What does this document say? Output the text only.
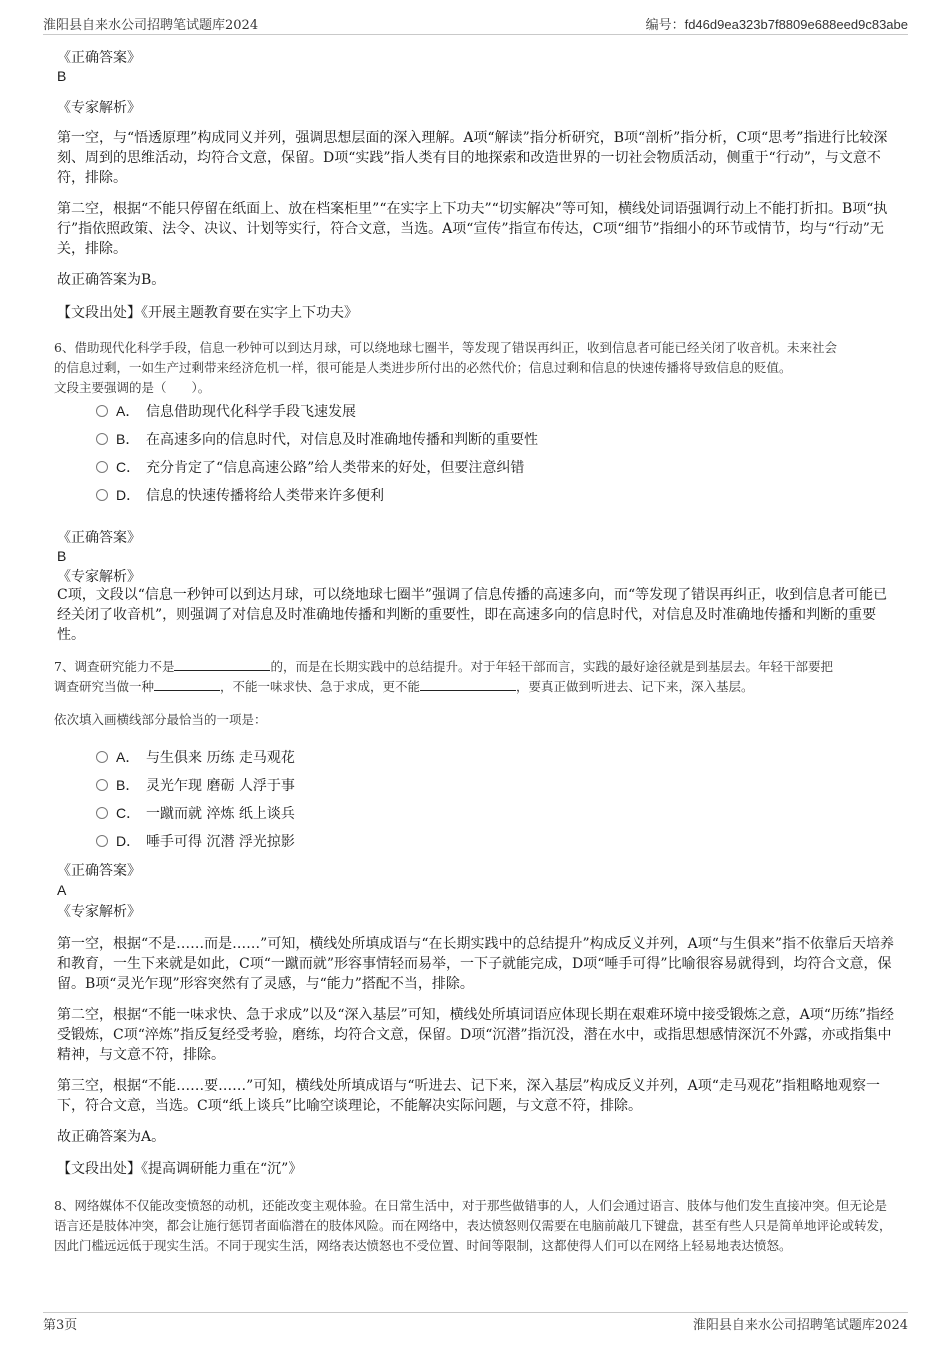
淮阳县自来水公司招聘笔试题库2024	编号：fd46d9ea323b7f8809e688eed9c83abe
《正确答案》
B
《专家解析》
第一空，与“悟透原理”构成同义并列，强调思想层面的深入理解。A项“解读”指分析研究，B项“剖析”指分析，C项“思考”指进行比较深刻、周到的思维活动，均符合文意，保留。D项“实践”指人类有目的地探索和改造世界的一切社会物质活动，侧重于“行动”，与文意不符，排除。
第二空，根据“不能只停留在纸面上、放在档案柜里”“在实字上下功夫”“切实解决”等可知，横线处词语强调行动上不能打折扣。B项“执行”指依照政策、法令、决议、计划等实行，符合文意，当选。A项“宣传”指宣布传达，C项“细节”指细小的环节或情节，均与“行动”无关，排除。
故正确答案为B。
【文段出处】《开展主题教育要在实字上下功夫》
6、借助现代化科学手段，信息一秒钟可以到达月球，可以绕地球七圈半，等发现了错误再纠正，收到信息者可能已经关闭了收音机。未来社会
的信息过剩，一如生产过剩带来经济危机一样，很可能是人类进步所付出的必然代价；信息过剩和信息的快速传播将导致信息的贬值。
文段主要强调的是（　　）。
A． 信息借助现代化科学手段飞速发展
B． 在高速多向的信息时代，对信息及时准确地传播和判断的重要性
C． 充分肯定了“信息高速公路”给人类带来的好处，但要注意纠错
D． 信息的快速传播将给人类带来许多便利
《正确答案》
B
《专家解析》
C项，文段以“信息一秒钟可以到达月球，可以绕地球七圈半”强调了信息传播的高速多向，而“等发现了错误再纠正，收到信息者可能已经关闭了收音机”，则强调了对信息及时准确地传播和判断的重要性，即在高速多向的信息时代，对信息及时准确地传播和判断的重要性。
7、调查研究能力不是	的，而是在长期实践中的总结提升。对于年轻干部而言，实践的最好途径就是到基层去。年轻干部要把
调查研究当做一种	，不能一味求快、急于求成，更不能	，要真正做到听进去、记下来，深入基层。
依次填入画横线部分最恰当的一项是：
A． 与生俱来 历练 走马观花
B． 灵光乍现 磨砺 人浮于事
C． 一蹴而就 淬炼 纸上谈兵
D． 唾手可得 沉潜 浮光掠影
《正确答案》
A
《专家解析》
第一空，根据“不是……而是……”可知，横线处所填成语与“在长期实践中的总结提升”构成反义并列，A项“与生俱来”指不依靠后天培养和教育，一生下来就是如此，C项“一蹴而就”形容事情轻而易举，一下子就能完成，D项“唾手可得”比喻很容易就得到，均符合文意，保留。B项“灵光乍现”形容突然有了灵感，与“能力”搭配不当，排除。
第二空，根据“不能一味求快、急于求成”以及“深入基层”可知，横线处所填词语应体现长期在艰难环境中接受锻炼之意，A项“历练”指经受锻炼，C项“淬炼”指反复经受考验，磨练，均符合文意，保留。D项“沉潜”指沉没，潜在水中，或指思想感情深沉不外露，亦或指集中精神，与文意不符，排除。
第三空，根据“不能……要……”可知，横线处所填成语与“听进去、记下来，深入基层”构成反义并列，A项“走马观花”指粗略地观察一下，符合文意，当选。C项“纸上谈兵”比喻空谈理论，不能解决实际问题，与文意不符，排除。
故正确答案为A。
【文段出处】《提高调研能力重在“沉”》
8、网络媒体不仅能改变愤怒的动机，还能改变主观体验。在日常生活中，对于那些做错事的人，人们会通过语言、肢体与他们发生直接冲突。但无论是语言还是肢体冲突，都会让施行惩罚者面临潜在的肢体风险。而在网络中，表达愤怒则仅需要在电脑前敲几下键盘，甚至有些人只是简单地评论或转发，因此门槛远远低于现实生活。不同于现实生活，网络表达愤怒也不受位置、时间等限制，这都使得人们可以在网络上轻易地表达愤怒。
第3页	淮阳县自来水公司招聘笔试题库2024
